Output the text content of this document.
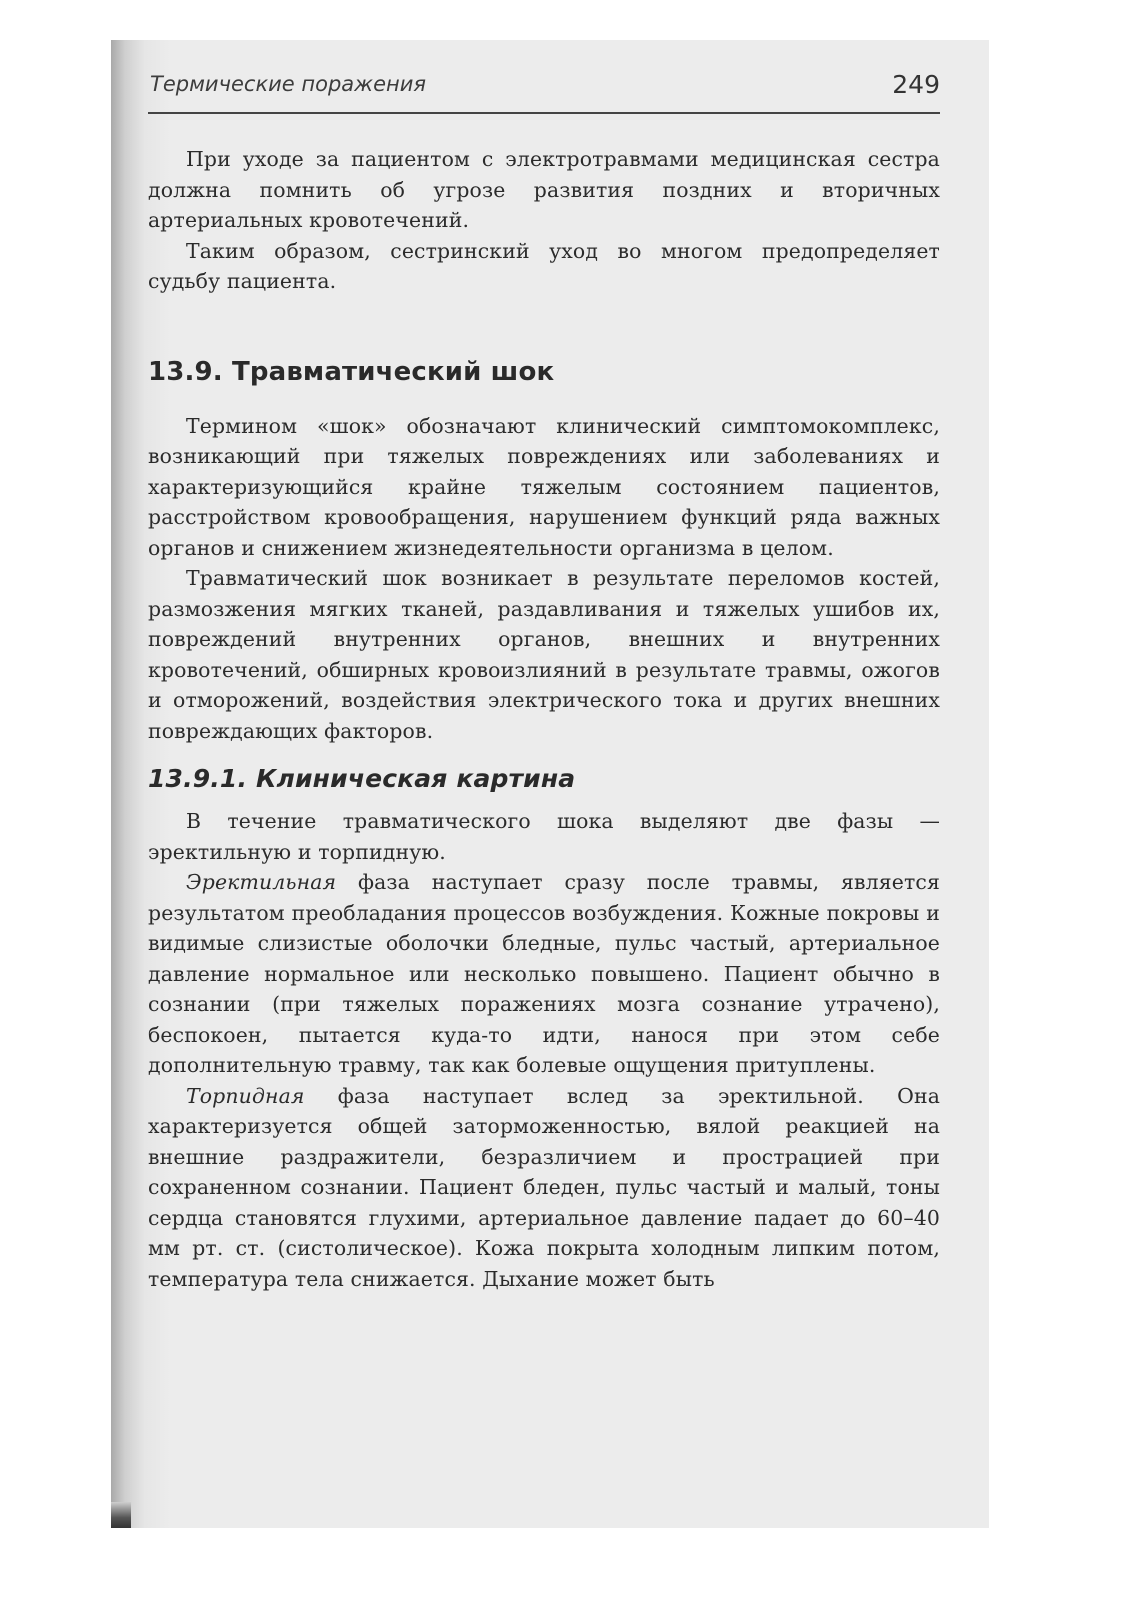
Термические поражения	249

При уходе за пациентом с электротравмами медицинская сестра должна помнить об угрозе развития поздних и вторичных артериальных кровотечений.

Таким образом, сестринский уход во многом предопределяет судьбу пациента.

13.9. Травматический шок

Термином «шок» обозначают клинический симптомокомплекс, возникающий при тяжелых повреждениях или заболеваниях и характеризующийся крайне тяжелым состоянием пациентов, расстройством кровообращения, нарушением функций ряда важных органов и снижением жизнедеятельности организма в целом.

Травматический шок возникает в результате переломов костей, размозжения мягких тканей, раздавливания и тяжелых ушибов их, повреждений внутренних органов, внешних и внутренних кровотечений, обширных кровоизлияний в результате травмы, ожогов и отморожений, воздействия электрического тока и других внешних повреждающих факторов.

13.9.1. Клиническая картина

В течение травматического шока выделяют две фазы — эректильную и торпидную.

Эректильная фаза наступает сразу после травмы, является результатом преобладания процессов возбуждения. Кожные покровы и видимые слизистые оболочки бледные, пульс частый, артериальное давление нормальное или несколько повышено. Пациент обычно в сознании (при тяжелых поражениях мозга сознание утрачено), беспокоен, пытается куда-то идти, нанося при этом себе дополнительную травму, так как болевые ощущения притуплены.

Торпидная фаза наступает вслед за эректильной. Она характеризуется общей заторможенностью, вялой реакцией на внешние раздражители, безразличием и прострацией при сохраненном сознании. Пациент бледен, пульс частый и малый, тоны сердца становятся глухими, артериальное давление падает до 60–40 мм рт. ст. (систолическое). Кожа покрыта холодным липким потом, температура тела снижается. Дыхание может быть
